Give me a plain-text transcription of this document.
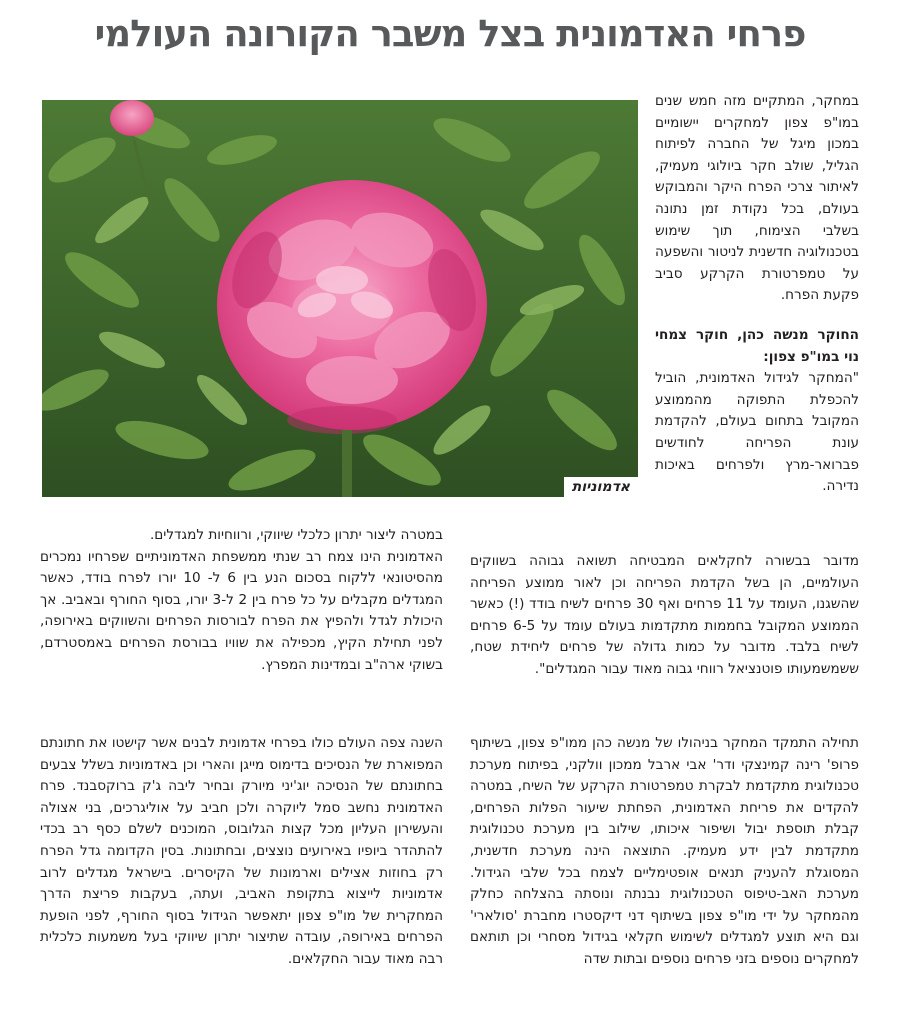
פרחי האדמונית בצל משבר הקורונה העולמי
אדמוניות

במחקר, המתקיים מזה חמש שנים במו"פ צפון למחקרים יישומיים במכון מיגל של החברה לפיתוח הגליל, שולב חקר ביולוגי מעמיק, לאיתור צרכי הפרח היקר והמבוקש בעולם, בכל נקודת זמן נתונה בשלבי הצימוח, תוך שימוש בטכנולוגיה חדשנית לניטור והשפעה על טמפרטורת הקרקע סביב פקעת הפרח.

החוקר מנשה כהן, חוקר צמחי נוי במו"פ צפון:

"המחקר לגידול האדמונית, הוביל להכפלת התפוקה מהממוצע המקובל בתחום בעולם, להקדמת עונת הפריחה לחודשים פברואר-מרץ ולפרחים באיכות נדירה.

מדובר בבשורה לחקלאים המבטיחה תשואה גבוהה בשווקים העולמיים, הן בשל הקדמת הפריחה וכן לאור ממוצע הפריחה שהשגנו, העומד על 11 פרחים ואף 30 פרחים לשיח בודד (!) כאשר הממוצע המקובל בחממות מתקדמות בעולם עומד על 6-5 פרחים לשיח בלבד. מדובר על כמות גדולה של פרחים ליחידת שטח, ששמשמעותו פוטנציאל רווחי גבוה מאוד עבור המגדלים".

במטרה ליצור יתרון כלכלי שיווקי, ורווחיות למגדלים.

האדמונית הינו צמח רב שנתי ממשפחת האדמוניתיים שפרחיו נמכרים מהסיטונאי ללקוח בסכום הנע בין 6 ל- 10 יורו לפרח בודד, כאשר המגדלים מקבלים על כל פרח בין 2 ל-3 יורו, בסוף החורף ובאביב. אך היכולת לגדל ולהפיץ את הפרח לבורסות הפרחים והשווקים באירופה, לפני תחילת הקיץ, מכפילה את שוויו בבורסת הפרחים באמסטרדם, בשוקי ארה"ב ובמדינות המפרץ.

תחילה התמקד המחקר בניהולו של מנשה כהן ממו"פ צפון, בשיתוף פרופ' רינה קמינצקי ודר' אבי ארבל ממכון וולקני, בפיתוח מערכת טכנולוגית מתקדמת לבקרת טמפרטורת הקרקע של השיח, במטרה להקדים את פריחת האדמונית, הפחתת שיעור הפלות הפרחים, קבלת תוספת יבול ושיפור איכותו, שילוב בין מערכת טכנולוגית מתקדמת לבין ידע מעמיק. התוצאה הינה מערכת חדשנית, המסוגלת להעניק תנאים אופטימליים לצמח בכל שלבי הגידול. מערכת האב-טיפוס הטכנולוגית נבנתה ונוסתה בהצלחה כחלק מהמחקר על ידי מו"פ צפון בשיתוף דני דיקסטרו מחברת 'סולארי' וגם היא תוצע למגדלים לשימוש חקלאי בגידול מסחרי וכן תותאם למחקרים נוספים בזני פרחים נוספים ובתות שדה

השנה צפה העולם כולו בפרחי אדמונית לבנים אשר קישטו את חתונתם המפוארת של הנסיכים בדימוס מייגן והארי וכן באדמוניות בשלל צבעים בחתונתם של הנסיכה יוג'יני מיורק ובחיר ליבה ג'ק ברוקסבנד. פרח האדמונית נחשב סמל ליוקרה ולכן חביב על אוליגרכים, בני אצולה והעשירון העליון מכל קצות הגלובוס, המוכנים לשלם כסף רב בכדי להתהדר ביופיו באירועים נוצצים, ובחתונות. בסין הקדומה גדל הפרח רק בחוזות אצילים וארמונות של הקיסרים. בישראל מגדלים לרוב אדמוניות לייצוא בתקופת האביב, ועתה, בעקבות פריצת הדרך המחקרית של מו"פ צפון יתאפשר הגידול בסוף החורף, לפני הופעת הפרחים באירופה, עובדה שתיצור יתרון שיווקי בעל משמעות כלכלית רבה מאוד עבור החקלאים.
